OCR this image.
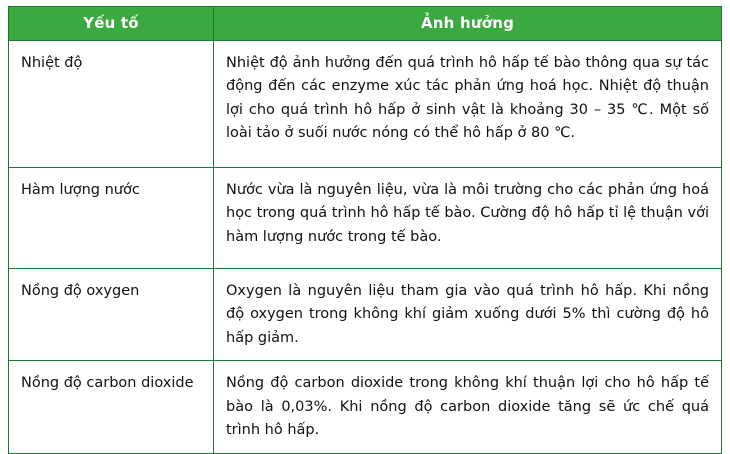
Yếu tố	Ảnh hưởng
Nhiệt độ	Nhiệt độ ảnh hưởng đến quá trình hô hấp tế bào thông qua sự tác động đến các enzyme xúc tác phản ứng hoá học. Nhiệt độ thuận lợi cho quá trình hô hấp ở sinh vật là khoảng 30 – 35 ℃. Một số loài tảo ở suối nước nóng có thể hô hấp ở 80 ℃.
Hàm lượng nước	Nước vừa là nguyên liệu, vừa là môi trường cho các phản ứng hoá học trong quá trình hô hấp tế bào. Cường độ hô hấp tỉ lệ thuận với hàm lượng nước trong tế bào.
Nồng độ oxygen	Oxygen là nguyên liệu tham gia vào quá trình hô hấp. Khi nồng độ oxygen trong không khí giảm xuống dưới 5% thì cường độ hô hấp giảm.
Nồng độ carbon dioxide	Nồng độ carbon dioxide trong không khí thuận lợi cho hô hấp tế bào là 0,03%. Khi nồng độ carbon dioxide tăng sẽ ức chế quá trình hô hấp.
